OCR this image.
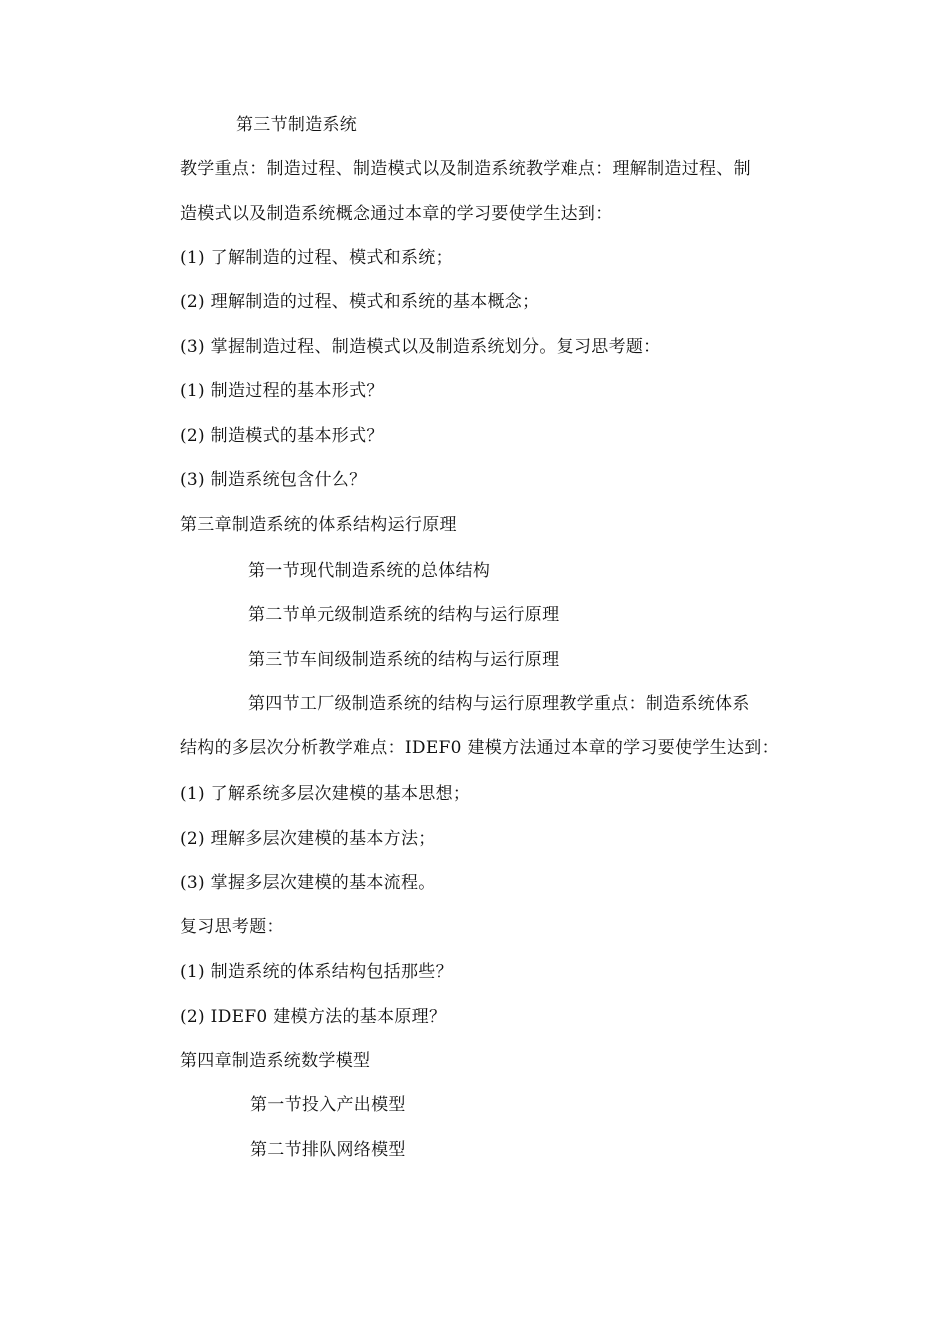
第三节制造系统
教学重点：制造过程、制造模式以及制造系统教学难点：理解制造过程、制
造模式以及制造系统概念通过本章的学习要使学生达到：
(1) 了解制造的过程、模式和系统；
(2) 理解制造的过程、模式和系统的基本概念；
(3) 掌握制造过程、制造模式以及制造系统划分。复习思考题：
(1) 制造过程的基本形式？
(2) 制造模式的基本形式？
(3) 制造系统包含什么？
第三章制造系统的体系结构运行原理
第一节现代制造系统的总体结构
第二节单元级制造系统的结构与运行原理
第三节车间级制造系统的结构与运行原理
第四节工厂级制造系统的结构与运行原理教学重点：制造系统体系
结构的多层次分析教学难点：IDEF0 建模方法通过本章的学习要使学生达到：
(1) 了解系统多层次建模的基本思想；
(2) 理解多层次建模的基本方法；
(3) 掌握多层次建模的基本流程。
复习思考题：
(1) 制造系统的体系结构包括那些？
(2) IDEF0 建模方法的基本原理？
第四章制造系统数学模型
第一节投入产出模型
第二节排队网络模型
